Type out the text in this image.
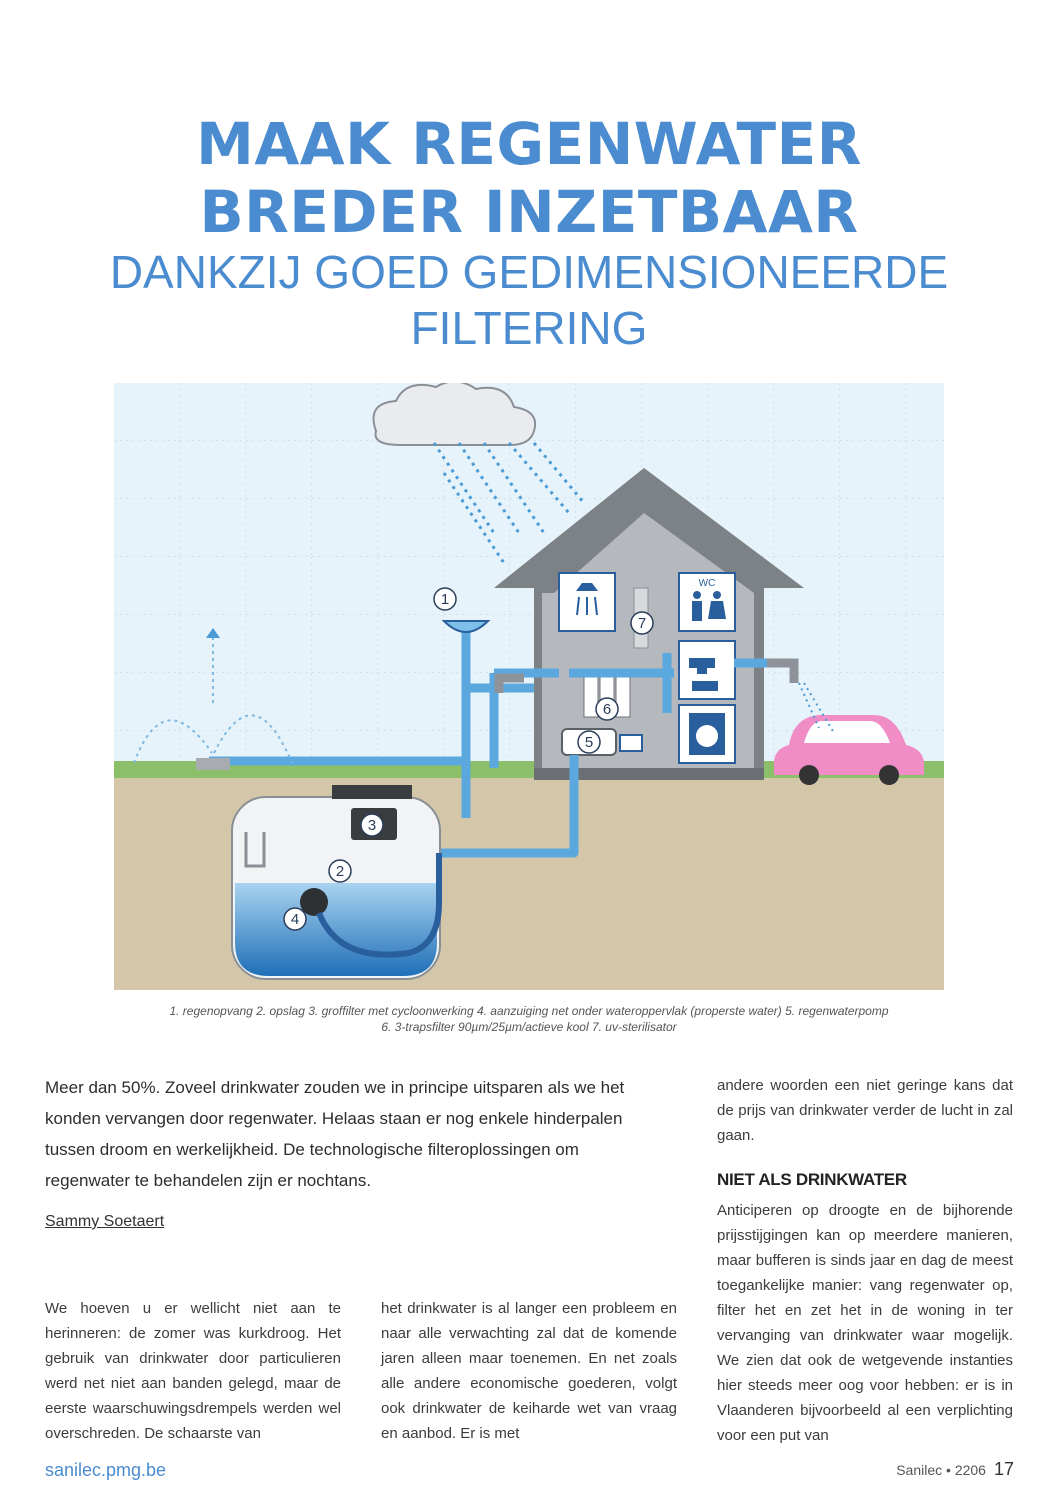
MAAK REGENWATER
BREDER INZETBAAR
DANKZIJ GOED GEDIMENSIONEERDE
FILTERING
WC
1
2
3
4
5
6
7
1. regenopvang 2. opslag 3. groffilter met cycloonwerking 4. aanzuiging net onder wateroppervlak (properste water) 5. regenwaterpomp
6. 3-trapsfilter 90µm/25µm/actieve kool 7. uv-sterilisator

Meer dan 50%. Zoveel drinkwater zouden we in principe uitsparen als we het konden vervangen door regenwater. Helaas staan er nog enkele hinderpalen tussen droom en werkelijkheid. De technologische filteroplossingen om regenwater te behandelen zijn er nochtans.

Sammy Soetaert
We hoeven u er wellicht niet aan te herinneren: de zomer was kurkdroog. Het gebruik van drinkwater door particulieren werd net niet aan banden gelegd, maar de eerste waarschuwingsdrempels werden wel overschreden. De schaarste van
het drinkwater is al langer een probleem en naar alle verwachting zal dat de komende jaren alleen maar toenemen. En net zoals alle andere economische goederen, volgt ook drinkwater de keiharde wet van vraag en aanbod. Er is met
andere woorden een niet geringe kans dat de prijs van drinkwater verder de lucht in zal gaan.
NIET ALS DRINKWATER
Anticiperen op droogte en de bijhorende prijsstijgingen kan op meerdere manieren, maar bufferen is sinds jaar en dag de meest toegankelijke manier: vang regenwater op, filter het en zet het in de woning in ter vervanging van drinkwater waar mogelijk. We zien dat ook de wetgevende instanties hier steeds meer oog voor hebben: er is in Vlaanderen bijvoorbeeld al een verplichting voor een put van
sanilec.pmg.be	Sanilec • 2206 17
